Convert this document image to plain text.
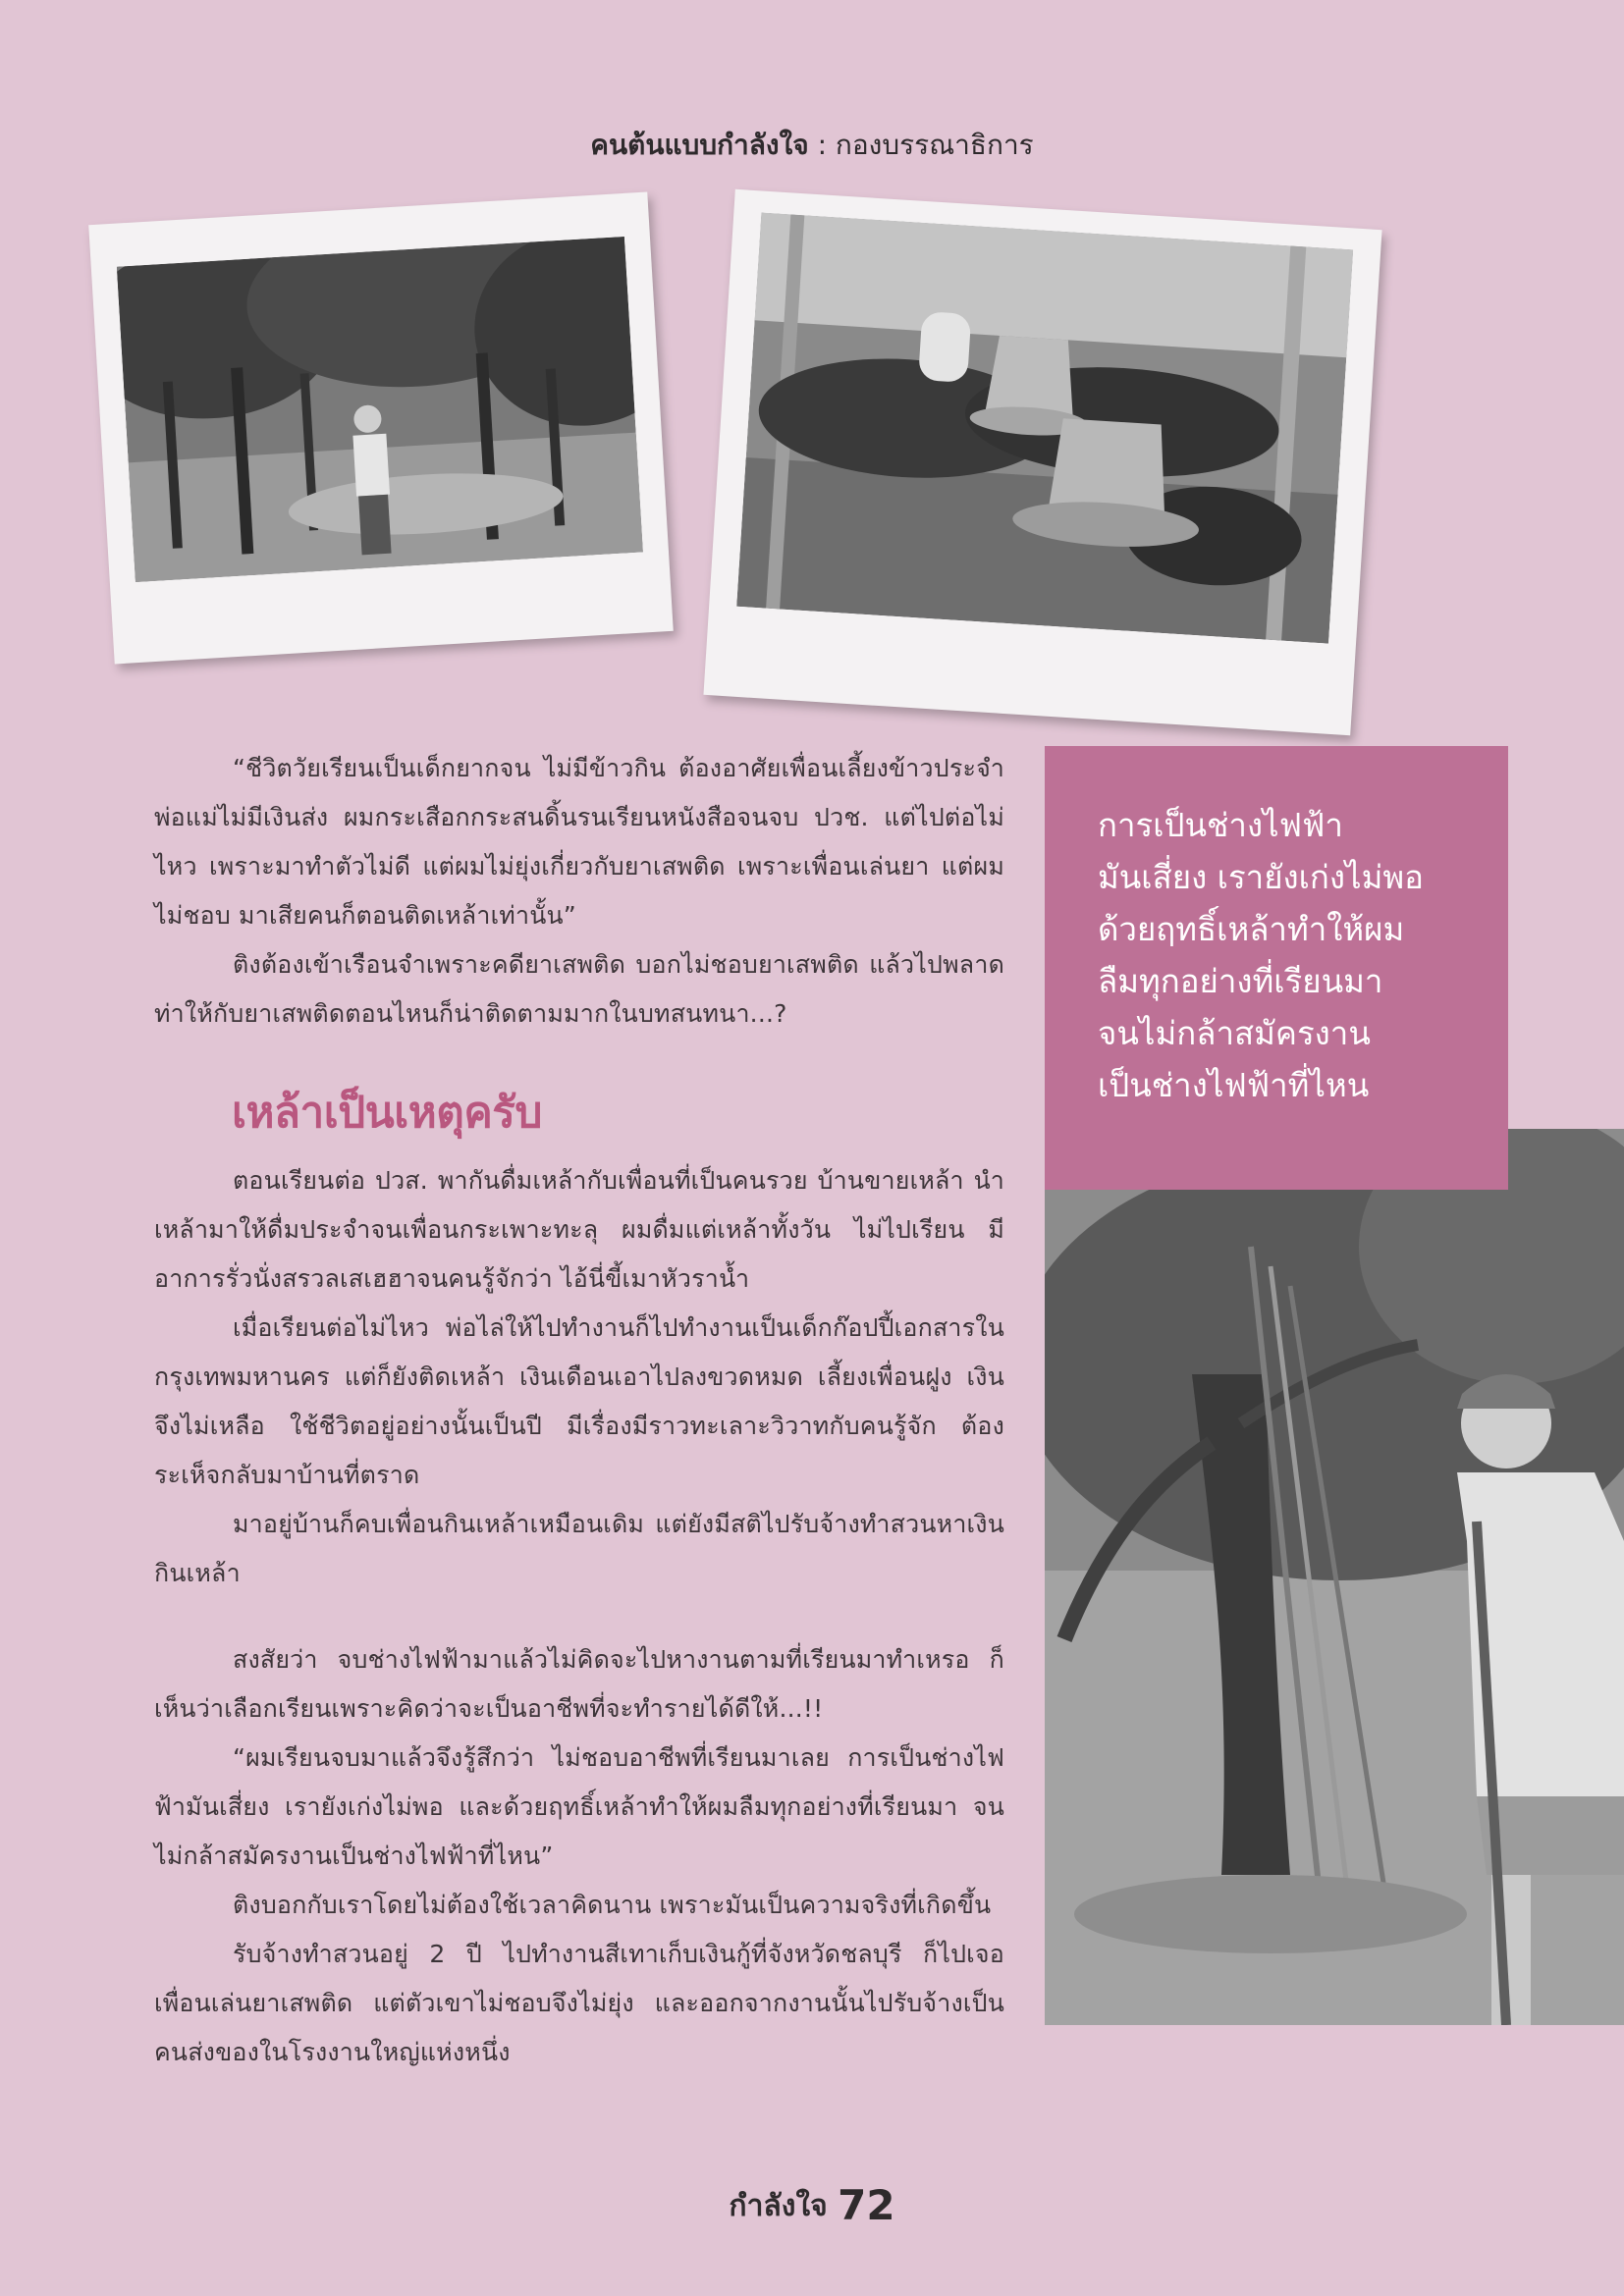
คนต้นแบบกำลังใจ : กองบรรณาธิการ

“ชีวิตวัยเรียนเป็นเด็กยากจน ไม่มีข้าวกิน ต้องอาศัยเพื่อนเลี้ยงข้าวประจำ พ่อแม่ไม่มีเงินส่ง ผมกระเสือกกระสนดิ้นรนเรียนหนังสือจนจบ ปวช. แต่ไปต่อไม่ไหว เพราะมาทำตัวไม่ดี แต่ผมไม่ยุ่งเกี่ยวกับยาเสพติด เพราะเพื่อนเล่นยา แต่ผมไม่ชอบ มาเสียคนก็ตอนติดเหล้าเท่านั้น”

ติงต้องเข้าเรือนจำเพราะคดียาเสพติด บอกไม่ชอบยาเสพติด แล้วไปพลาดท่าให้กับยาเสพติดตอนไหนก็น่าติดตามมากในบทสนทนา...?

เหล้าเป็นเหตุครับ

ตอนเรียนต่อ ปวส. พากันดื่มเหล้ากับเพื่อนที่เป็นคนรวย บ้านขายเหล้า นำเหล้ามาให้ดื่มประจำจนเพื่อนกระเพาะทะลุ ผมดื่มแต่เหล้าทั้งวัน ไม่ไปเรียน มีอาการรั่วนั่งสรวลเสเฮฮาจนคนรู้จักว่า ไอ้นี่ขี้เมาหัวราน้ำ

เมื่อเรียนต่อไม่ไหว พ่อไล่ให้ไปทำงานก็ไปทำงานเป็นเด็กก๊อปปี้เอกสารในกรุงเทพมหานคร แต่ก็ยังติดเหล้า เงินเดือนเอาไปลงขวดหมด เลี้ยงเพื่อนฝูง เงินจึงไม่เหลือ ใช้ชีวิตอยู่อย่างนั้นเป็นปี มีเรื่องมีราวทะเลาะวิวาทกับคนรู้จัก ต้องระเห็จกลับมาบ้านที่ตราด

มาอยู่บ้านก็คบเพื่อนกินเหล้าเหมือนเดิม แต่ยังมีสติไปรับจ้างทำสวนหาเงินกินเหล้า

สงสัยว่า จบช่างไฟฟ้ามาแล้วไม่คิดจะไปหางานตามที่เรียนมาทำเหรอ ก็เห็นว่าเลือกเรียนเพราะคิดว่าจะเป็นอาชีพที่จะทำรายได้ดีให้...!!

“ผมเรียนจบมาแล้วจึงรู้สึกว่า ไม่ชอบอาชีพที่เรียนมาเลย การเป็นช่างไฟฟ้ามันเสี่ยง เรายังเก่งไม่พอ และด้วยฤทธิ์เหล้าทำให้ผมลืมทุกอย่างที่เรียนมา จนไม่กล้าสมัครงานเป็นช่างไฟฟ้าที่ไหน”

ติงบอกกับเราโดยไม่ต้องใช้เวลาคิดนาน เพราะมันเป็นความจริงที่เกิดขึ้น

รับจ้างทำสวนอยู่ 2 ปี ไปทำงานสีเทาเก็บเงินกู้ที่จังหวัดชลบุรี ก็ไปเจอเพื่อนเล่นยาเสพติด แต่ตัวเขาไม่ชอบจึงไม่ยุ่ง และออกจากงานนั้นไปรับจ้างเป็นคนส่งของในโรงงานใหญ่แห่งหนึ่ง

การเป็นช่างไฟฟ้า
มันเสี่ยง เรายังเก่งไม่พอ
ด้วยฤทธิ์เหล้าทำให้ผม
ลืมทุกอย่างที่เรียนมา
จนไม่กล้าสมัครงาน
เป็นช่างไฟฟ้าที่ไหน
กำลังใจ 72
